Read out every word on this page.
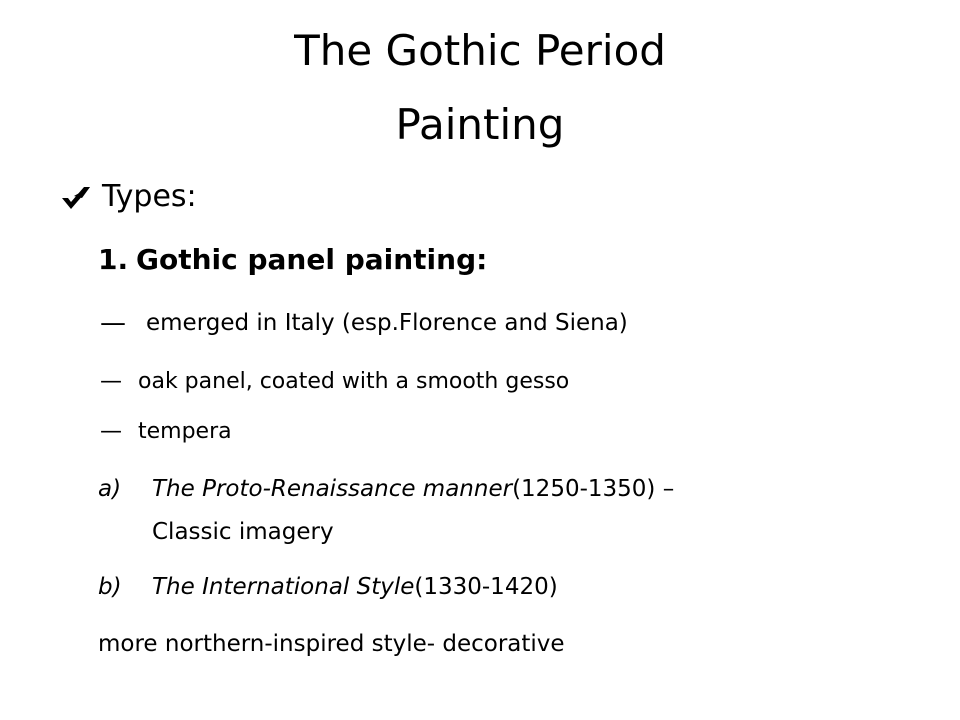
The Gothic Period
Painting
Types:
1. Gothic panel painting:
— emerged in Italy (esp.Florence and Siena)
— oak panel, coated with a smooth gesso
— tempera
a) The Proto-Renaissance manner(1250-1350) –
Classic imagery
b) The International Style(1330-1420)
more northern-inspired style- decorative
